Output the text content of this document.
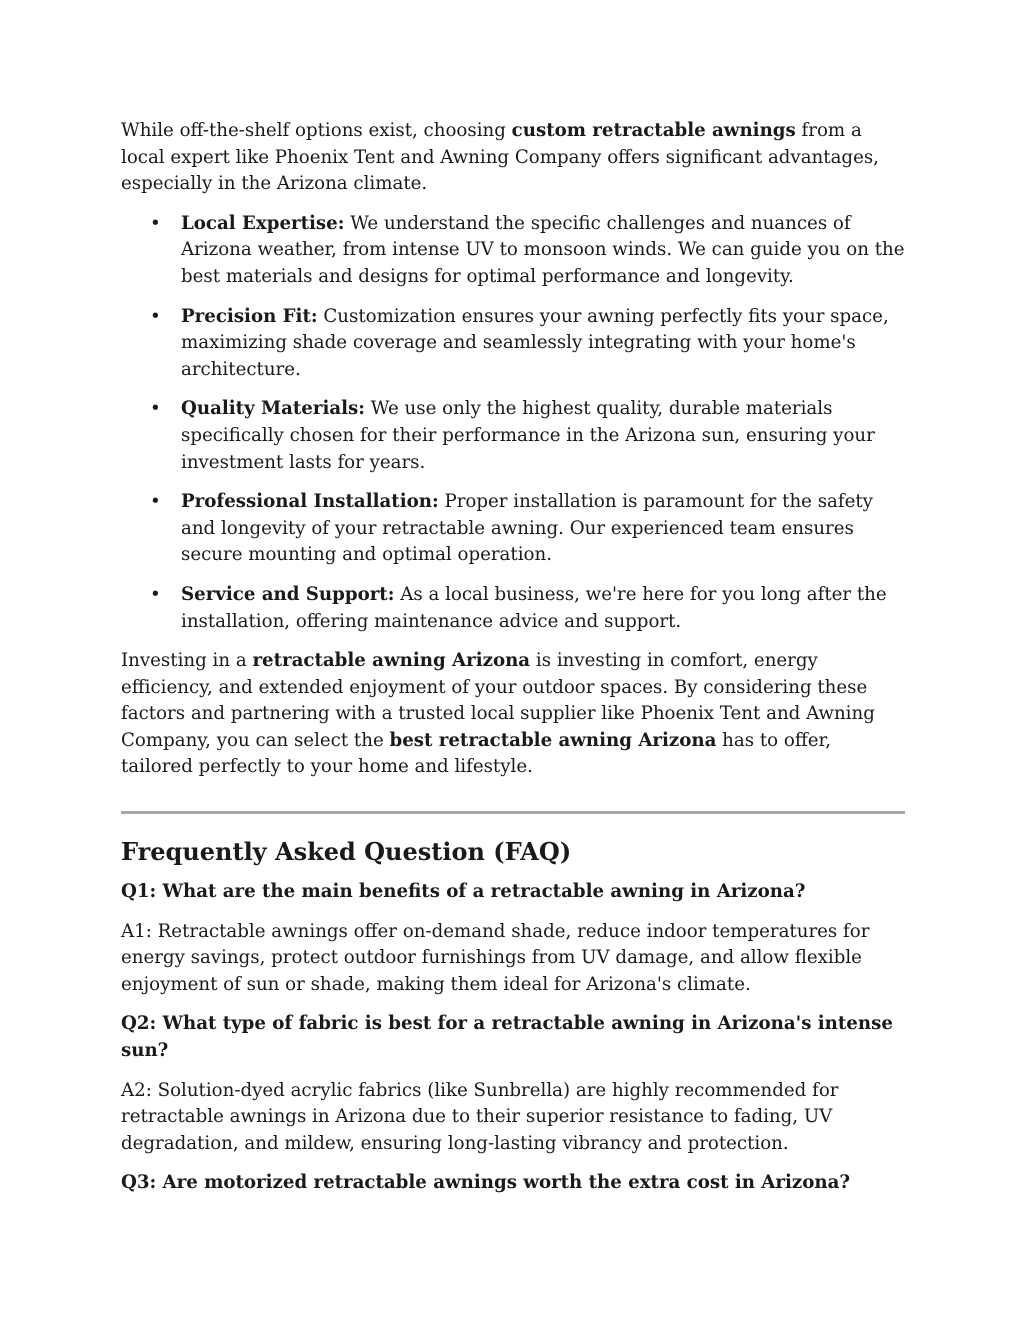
While off-the-shelf options exist, choosing custom retractable awnings from a local expert like Phoenix Tent and Awning Company offers significant advantages, especially in the Arizona climate.

• Local Expertise: We understand the specific challenges and nuances of Arizona weather, from intense UV to monsoon winds. We can guide you on the best materials and designs for optimal performance and longevity.
• Precision Fit: Customization ensures your awning perfectly fits your space, maximizing shade coverage and seamlessly integrating with your home's architecture.
• Quality Materials: We use only the highest quality, durable materials specifically chosen for their performance in the Arizona sun, ensuring your investment lasts for years.
• Professional Installation: Proper installation is paramount for the safety and longevity of your retractable awning. Our experienced team ensures secure mounting and optimal operation.
• Service and Support: As a local business, we're here for you long after the installation, offering maintenance advice and support.

Investing in a retractable awning Arizona is investing in comfort, energy efficiency, and extended enjoyment of your outdoor spaces. By considering these factors and partnering with a trusted local supplier like Phoenix Tent and Awning Company, you can select the best retractable awning Arizona has to offer, tailored perfectly to your home and lifestyle.

Frequently Asked Question (FAQ)
Q1: What are the main benefits of a retractable awning in Arizona?

A1: Retractable awnings offer on-demand shade, reduce indoor temperatures for energy savings, protect outdoor furnishings from UV damage, and allow flexible enjoyment of sun or shade, making them ideal for Arizona's climate.

Q2: What type of fabric is best for a retractable awning in Arizona's intense sun?

A2: Solution-dyed acrylic fabrics (like Sunbrella) are highly recommended for retractable awnings in Arizona due to their superior resistance to fading, UV degradation, and mildew, ensuring long-lasting vibrancy and protection.

Q3: Are motorized retractable awnings worth the extra cost in Arizona?
